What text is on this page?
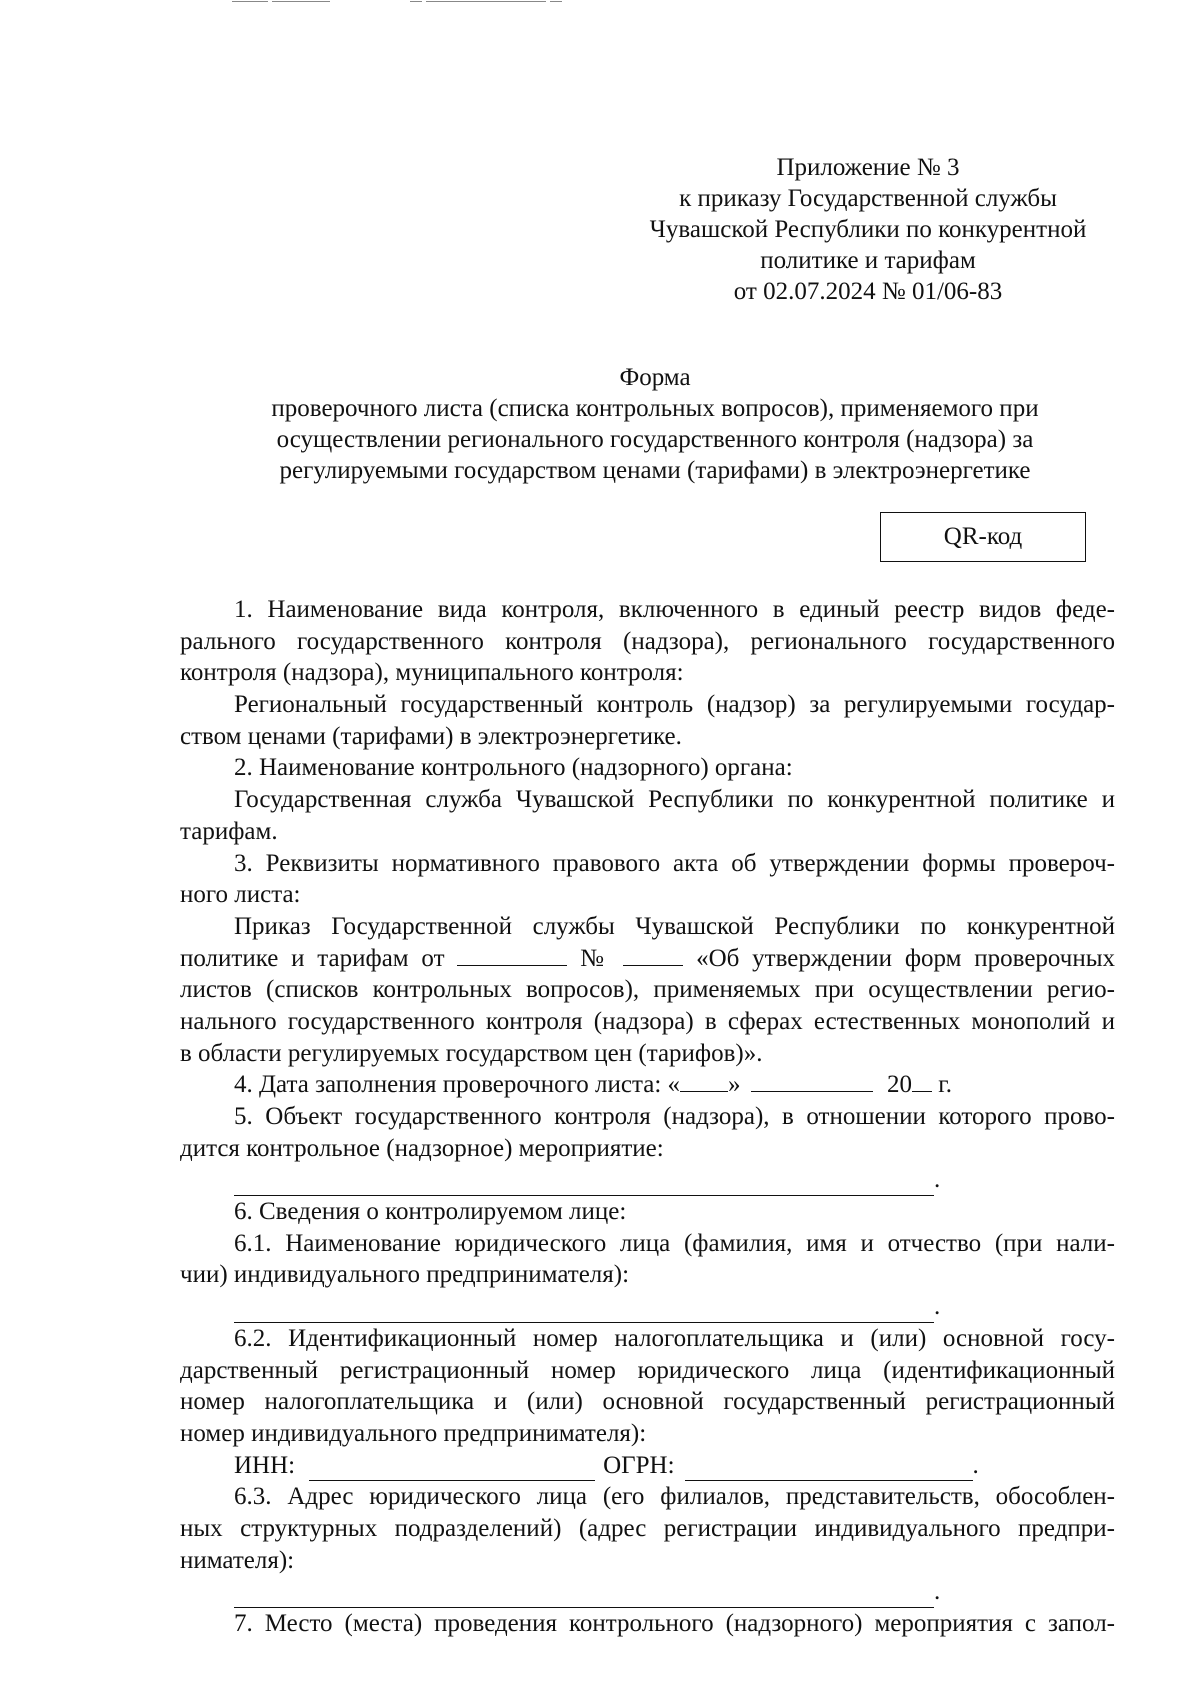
Приложение № 3
к приказу Государственной службы
Чувашской Республики по конкурентной
политике и тарифам
от 02.07.2024 № 01/06-83
Форма
проверочного листа (списка контрольных вопросов), применяемого при
осуществлении регионального государственного контроля (надзора) за
регулируемыми государством ценами (тарифами) в электроэнергетике
QR-код
1. Наименование вида контроля, включенного в единый реестр видов феде-
рального государственного контроля (надзора), регионального государственного
контроля (надзора), муниципального контроля:
Региональный государственный контроль (надзор) за регулируемыми государ-
ством ценами (тарифами) в электроэнергетике.
2. Наименование контрольного (надзорного) органа:
Государственная служба Чувашской Республики по конкурентной политике и
тарифам.
3. Реквизиты нормативного правового акта об утверждении формы провероч-
ного листа:
Приказ Государственной службы Чувашской Республики по конкурентной
политике и тарифам от	№	«Об утверждении форм проверочных
листов (списков контрольных вопросов), применяемых при осуществлении регио-
нального государственного контроля (надзора) в сферах естественных монополий и
в области регулируемых государством цен (тарифов)».
4. Дата заполнения проверочного листа: « »	20 г.
5. Объект государственного контроля (надзора), в отношении которого прово-
дится контрольное (надзорное) мероприятие:
.
6. Сведения о контролируемом лице:
6.1. Наименование юридического лица (фамилия, имя и отчество (при нали-
чии) индивидуального предпринимателя):
.
6.2. Идентификационный номер налогоплательщика и (или) основной госу-
дарственный регистрационный номер юридического лица (идентификационный
номер налогоплательщика и (или) основной государственный регистрационный
номер индивидуального предпринимателя):
ИНН:	ОГРН:	.
6.3. Адрес юридического лица (его филиалов, представительств, обособлен-
ных структурных подразделений) (адрес регистрации индивидуального предпри-
нимателя):
.
7. Место (места) проведения контрольного (надзорного) мероприятия с запол-
